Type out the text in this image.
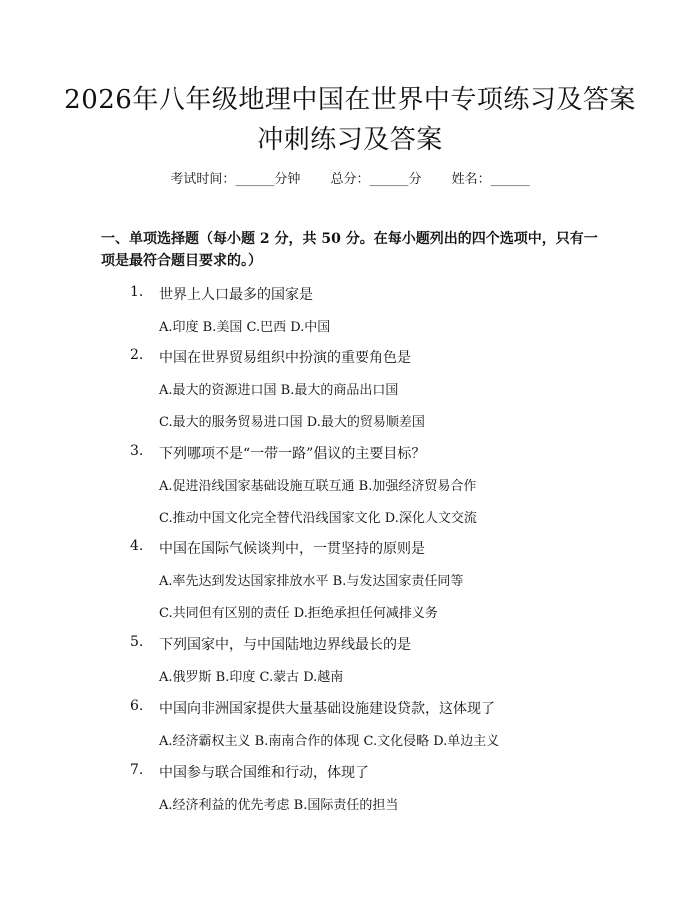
2026年八年级地理中国在世界中专项练习及答案冲刺练习及答案
考试时间：______分钟 总分：______分 姓名：______
一、单项选择题（每小题 2 分，共 50 分。在每小题列出的四个选项中，只有一项是最符合题目要求的。）
1.	世界上人口最多的国家是
A.印度 B.美国 C.巴西 D.中国
2.	中国在世界贸易组织中扮演的重要角色是
A.最大的资源进口国 B.最大的商品出口国
C.最大的服务贸易进口国 D.最大的贸易顺差国
3.	下列哪项不是“一带一路”倡议的主要目标？
A.促进沿线国家基础设施互联互通 B.加强经济贸易合作
C.推动中国文化完全替代沿线国家文化 D.深化人文交流
4.	中国在国际气候谈判中，一贯坚持的原则是
A.率先达到发达国家排放水平 B.与发达国家责任同等
C.共同但有区别的责任 D.拒绝承担任何减排义务
5.	下列国家中，与中国陆地边界线最长的是
A.俄罗斯 B.印度 C.蒙古 D.越南
6.	中国向非洲国家提供大量基础设施建设贷款，这体现了
A.经济霸权主义 B.南南合作的体现 C.文化侵略 D.单边主义
7.	中国参与联合国维和行动，体现了
A.经济利益的优先考虑 B.国际责任的担当
